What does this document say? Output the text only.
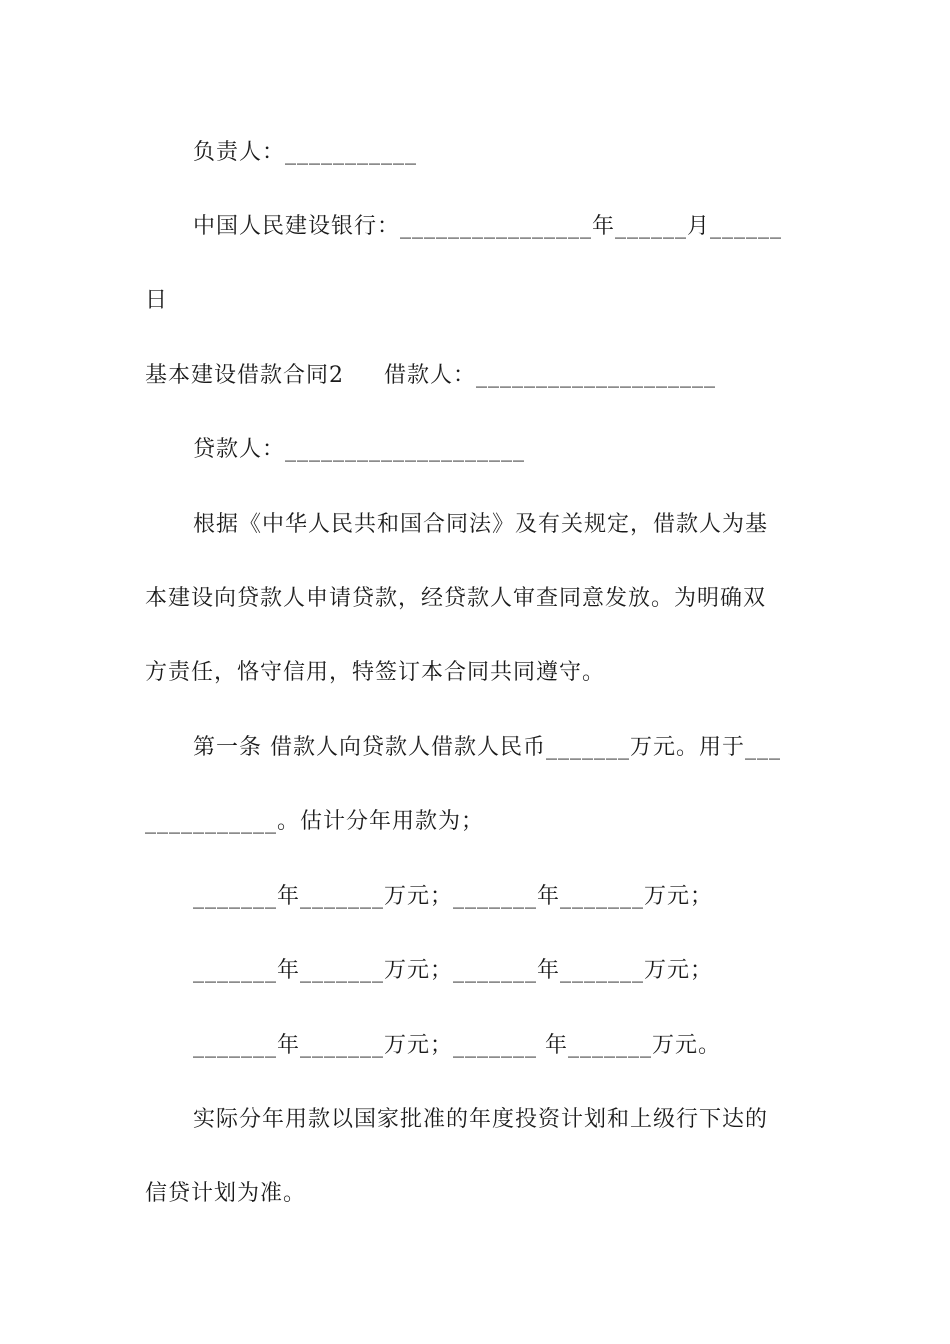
负责人：___________
中国人民建设银行：________________年______月______
日
基本建设借款合同2 借款人：____________________
贷款人：____________________
根据《中华人民共和国合同法》及有关规定，借款人为基
本建设向贷款人申请贷款，经贷款人审查同意发放。为明确双
方责任，恪守信用，特签订本合同共同遵守。
第一条 借款人向贷款人借款人民币_______万元。用于___
___________。估计分年用款为；
_______年_______万元；_______年_______万元；
_______年_______万元；_______年_______万元；
_______年_______万元；_______ 年_______万元。
实际分年用款以国家批准的年度投资计划和上级行下达的
信贷计划为准。
